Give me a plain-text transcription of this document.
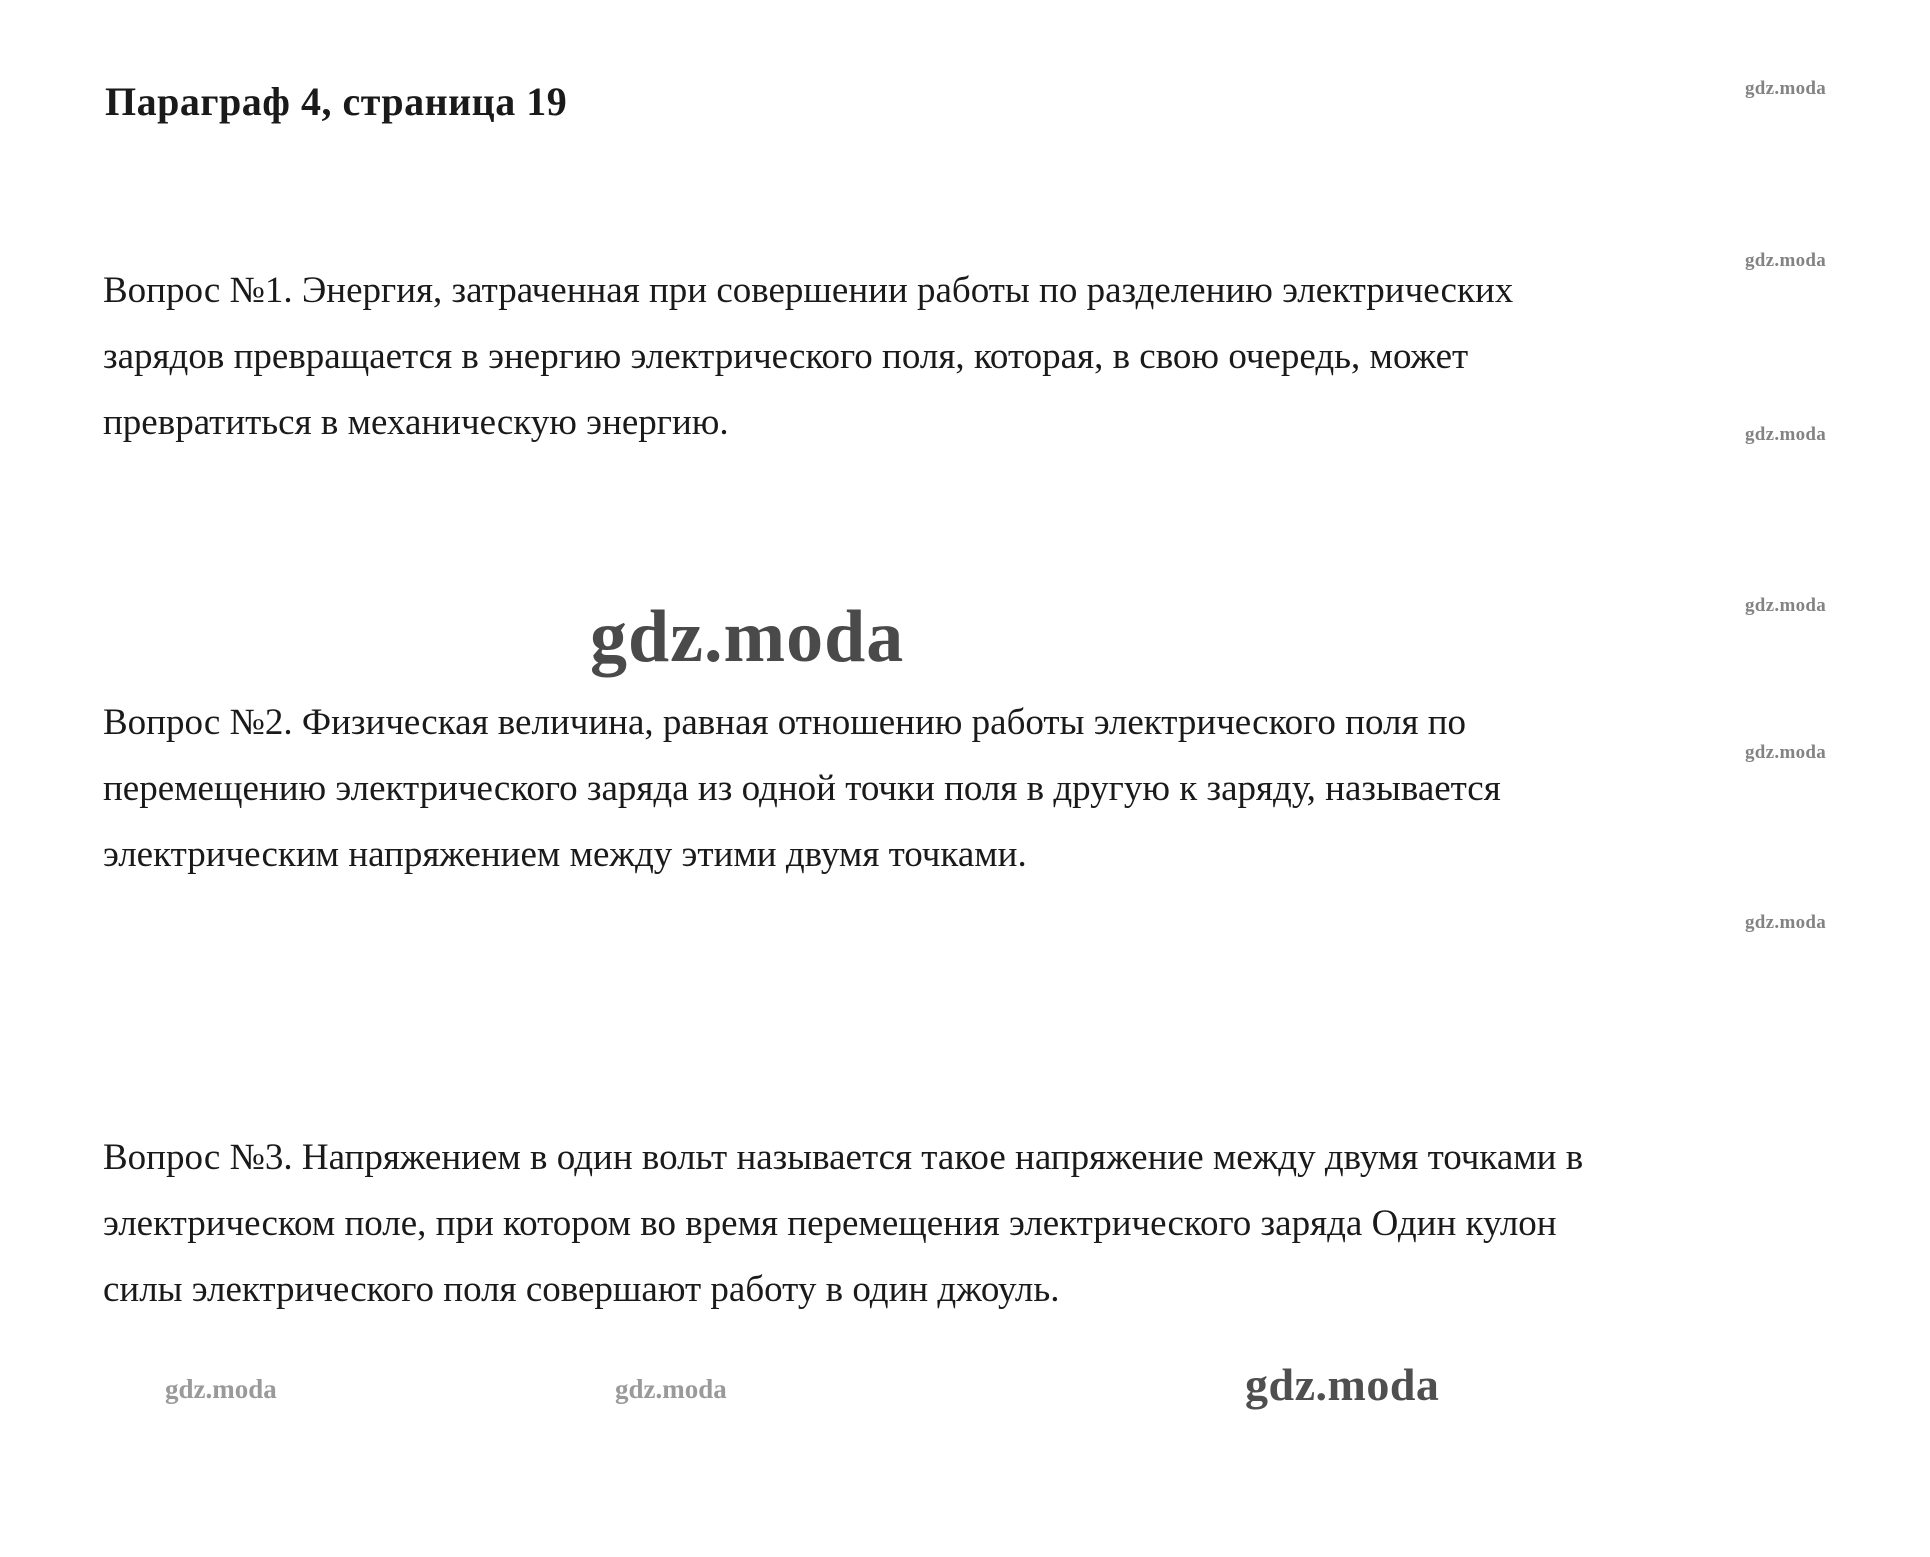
Параграф 4, страница 19

Вопрос №1. Энергия, затраченная при совершении работы по разделению электрических зарядов превращается в энергию электрического поля, которая, в свою очередь, может превратиться в механическую энергию.

Вопрос №2. Физическая величина, равная отношению работы электрического поля по перемещению электрического заряда из одной точки поля в другую к заряду, называется электрическим напряжением между этими двумя точками.

Вопрос №3. Напряжением в один вольт называется такое напряжение между двумя точками в электрическом поле, при котором во время перемещения электрического заряда Один кулон силы электрического поля совершают работу в один джоуль.

gdz.moda
gdz.moda
gdz.moda
gdz.moda
gdz.moda
gdz.moda
gdz.moda
gdz.moda	gdz.moda	gdz.moda
